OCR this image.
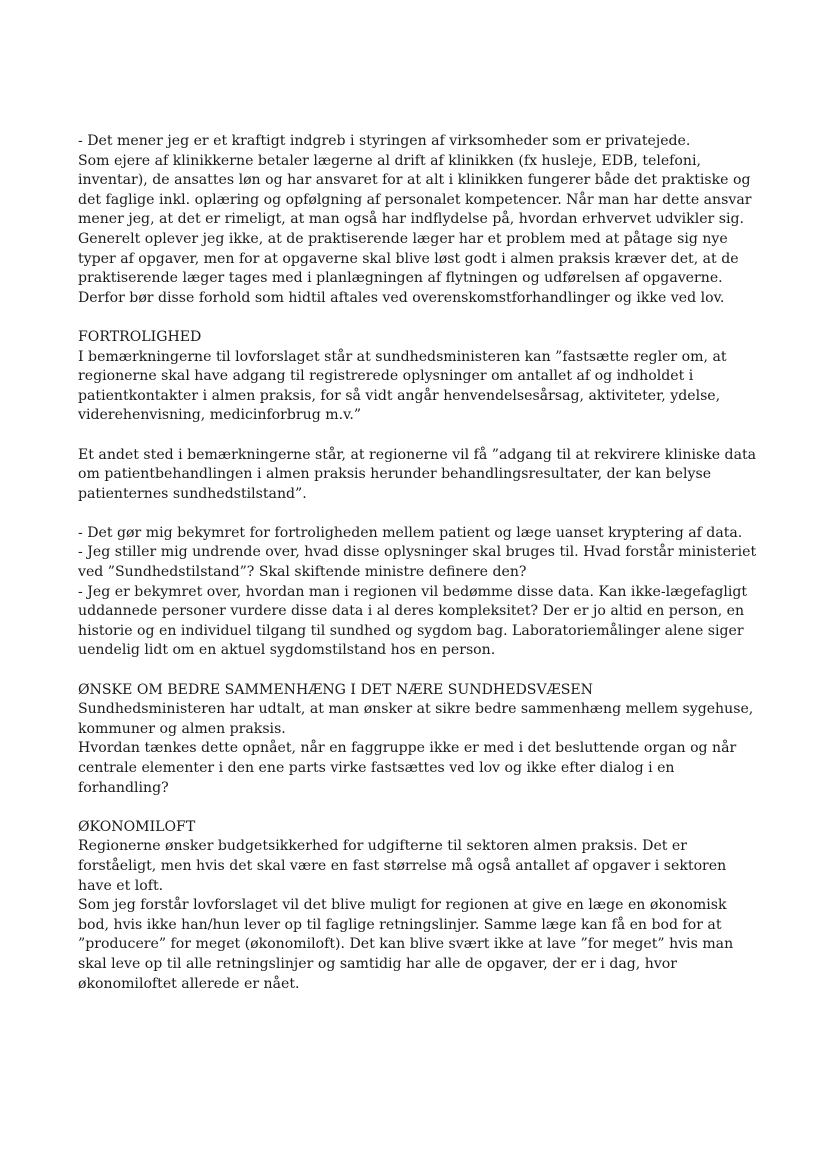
- Det mener jeg er et kraftigt indgreb i styringen af virksomheder som er privatejede.
Som ejere af klinikkerne betaler lægerne al drift af klinikken (fx husleje, EDB, telefoni,
inventar), de ansattes løn og har ansvaret for at alt i klinikken fungerer både det praktiske og
det faglige inkl. oplæring og opfølgning af personalet kompetencer. Når man har dette ansvar
mener jeg, at det er rimeligt, at man også har indflydelse på, hvordan erhvervet udvikler sig.
Generelt oplever jeg ikke, at de praktiserende læger har et problem med at påtage sig nye
typer af opgaver, men for at opgaverne skal blive løst godt i almen praksis kræver det, at de
praktiserende læger tages med i planlægningen af flytningen og udførelsen af opgaverne.
Derfor bør disse forhold som hidtil aftales ved overenskomstforhandlinger og ikke ved lov.
FORTROLIGHED
I bemærkningerne til lovforslaget står at sundhedsministeren kan ”fastsætte regler om, at
regionerne skal have adgang til registrerede oplysninger om antallet af og indholdet i
patientkontakter i almen praksis, for så vidt angår henvendelsesårsag, aktiviteter, ydelse,
viderehenvisning, medicinforbrug m.v.”
Et andet sted i bemærkningerne står, at regionerne vil få ”adgang til at rekvirere kliniske data
om patientbehandlingen i almen praksis herunder behandlingsresultater, der kan belyse
patienternes sundhedstilstand”.
- Det gør mig bekymret for fortroligheden mellem patient og læge uanset kryptering af data.
- Jeg stiller mig undrende over, hvad disse oplysninger skal bruges til. Hvad forstår ministeriet
ved ”Sundhedstilstand”? Skal skiftende ministre definere den?
- Jeg er bekymret over, hvordan man i regionen vil bedømme disse data. Kan ikke-lægefagligt
uddannede personer vurdere disse data i al deres kompleksitet? Der er jo altid en person, en
historie og en individuel tilgang til sundhed og sygdom bag. Laboratoriemålinger alene siger
uendelig lidt om en aktuel sygdomstilstand hos en person.
ØNSKE OM BEDRE SAMMENHÆNG I DET NÆRE SUNDHEDSVÆSEN
Sundhedsministeren har udtalt, at man ønsker at sikre bedre sammenhæng mellem sygehuse,
kommuner og almen praksis.
Hvordan tænkes dette opnået, når en faggruppe ikke er med i det besluttende organ og når
centrale elementer i den ene parts virke fastsættes ved lov og ikke efter dialog i en
forhandling?
ØKONOMILOFT
Regionerne ønsker budgetsikkerhed for udgifterne til sektoren almen praksis. Det er
forståeligt, men hvis det skal være en fast størrelse må også antallet af opgaver i sektoren
have et loft.
Som jeg forstår lovforslaget vil det blive muligt for regionen at give en læge en økonomisk
bod, hvis ikke han/hun lever op til faglige retningslinjer. Samme læge kan få en bod for at
”producere” for meget (økonomiloft). Det kan blive svært ikke at lave ”for meget” hvis man
skal leve op til alle retningslinjer og samtidig har alle de opgaver, der er i dag, hvor
økonomiloftet allerede er nået.
